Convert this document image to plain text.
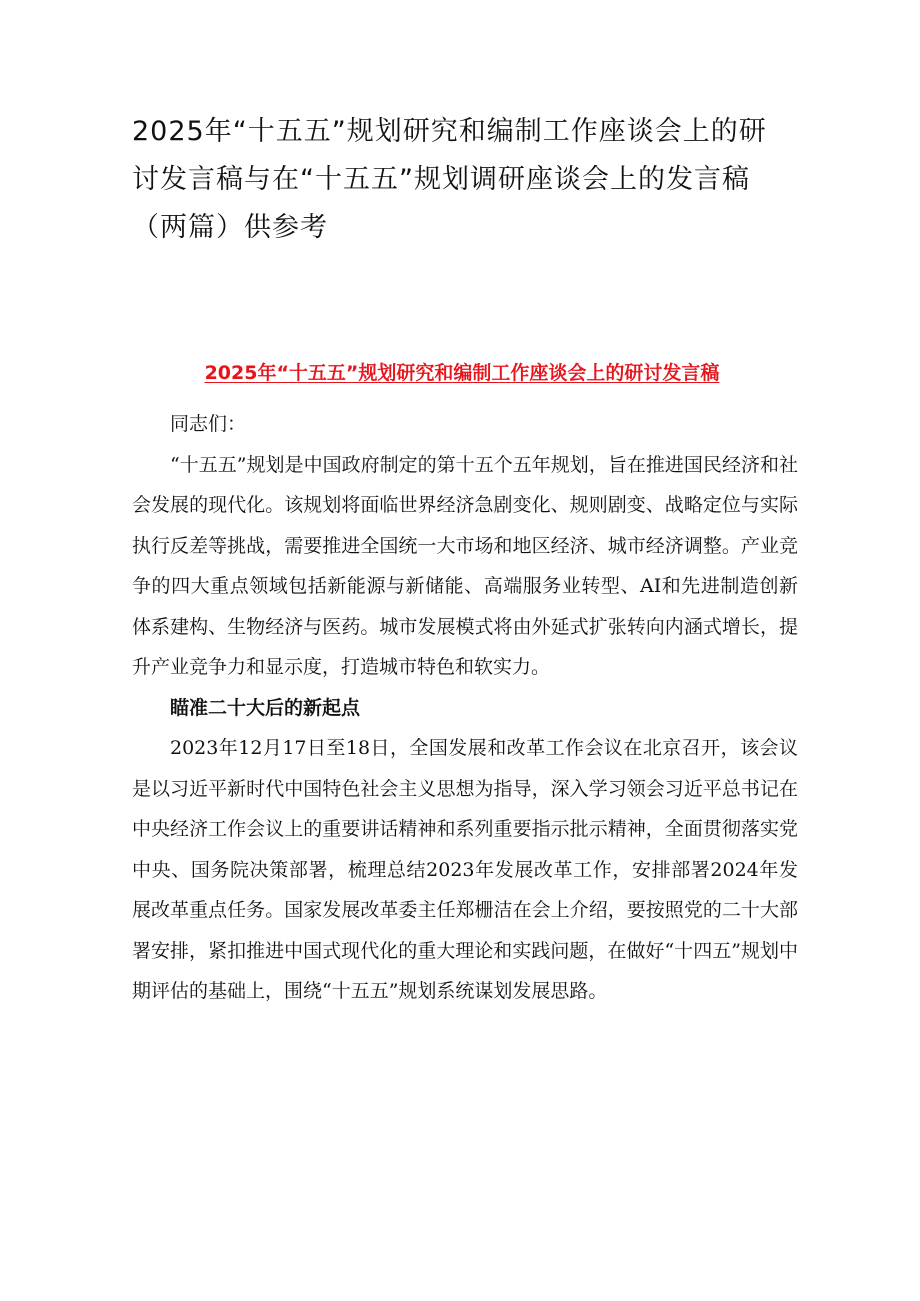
2025年“十五五”规划研究和编制工作座谈会上的研讨发言稿与在“十五五”规划调研座谈会上的发言稿（两篇）供参考
2025年“十五五”规划研究和编制工作座谈会上的研讨发言稿

同志们：

“十五五”规划是中国政府制定的第十五个五年规划，旨在推进国民经济和社会发展的现代化。该规划将面临世界经济急剧变化、规则剧变、战略定位与实际执行反差等挑战，需要推进全国统一大市场和地区经济、城市经济调整。产业竞争的四大重点领域包括新能源与新储能、高端服务业转型、AI和先进制造创新体系建构、生物经济与医药。城市发展模式将由外延式扩张转向内涵式增长，提升产业竞争力和显示度，打造城市特色和软实力。

瞄准二十大后的新起点

2023年12月17日至18日，全国发展和改革工作会议在北京召开，该会议是以习近平新时代中国特色社会主义思想为指导，深入学习领会习近平总书记在中央经济工作会议上的重要讲话精神和系列重要指示批示精神，全面贯彻落实党中央、国务院决策部署，梳理总结2023年发展改革工作，安排部署2024年发展改革重点任务。国家发展改革委主任郑栅洁在会上介绍，要按照党的二十大部署安排，紧扣推进中国式现代化的重大理论和实践问题，在做好“十四五”规划中期评估的基础上，围绕“十五五”规划系统谋划发展思路。
